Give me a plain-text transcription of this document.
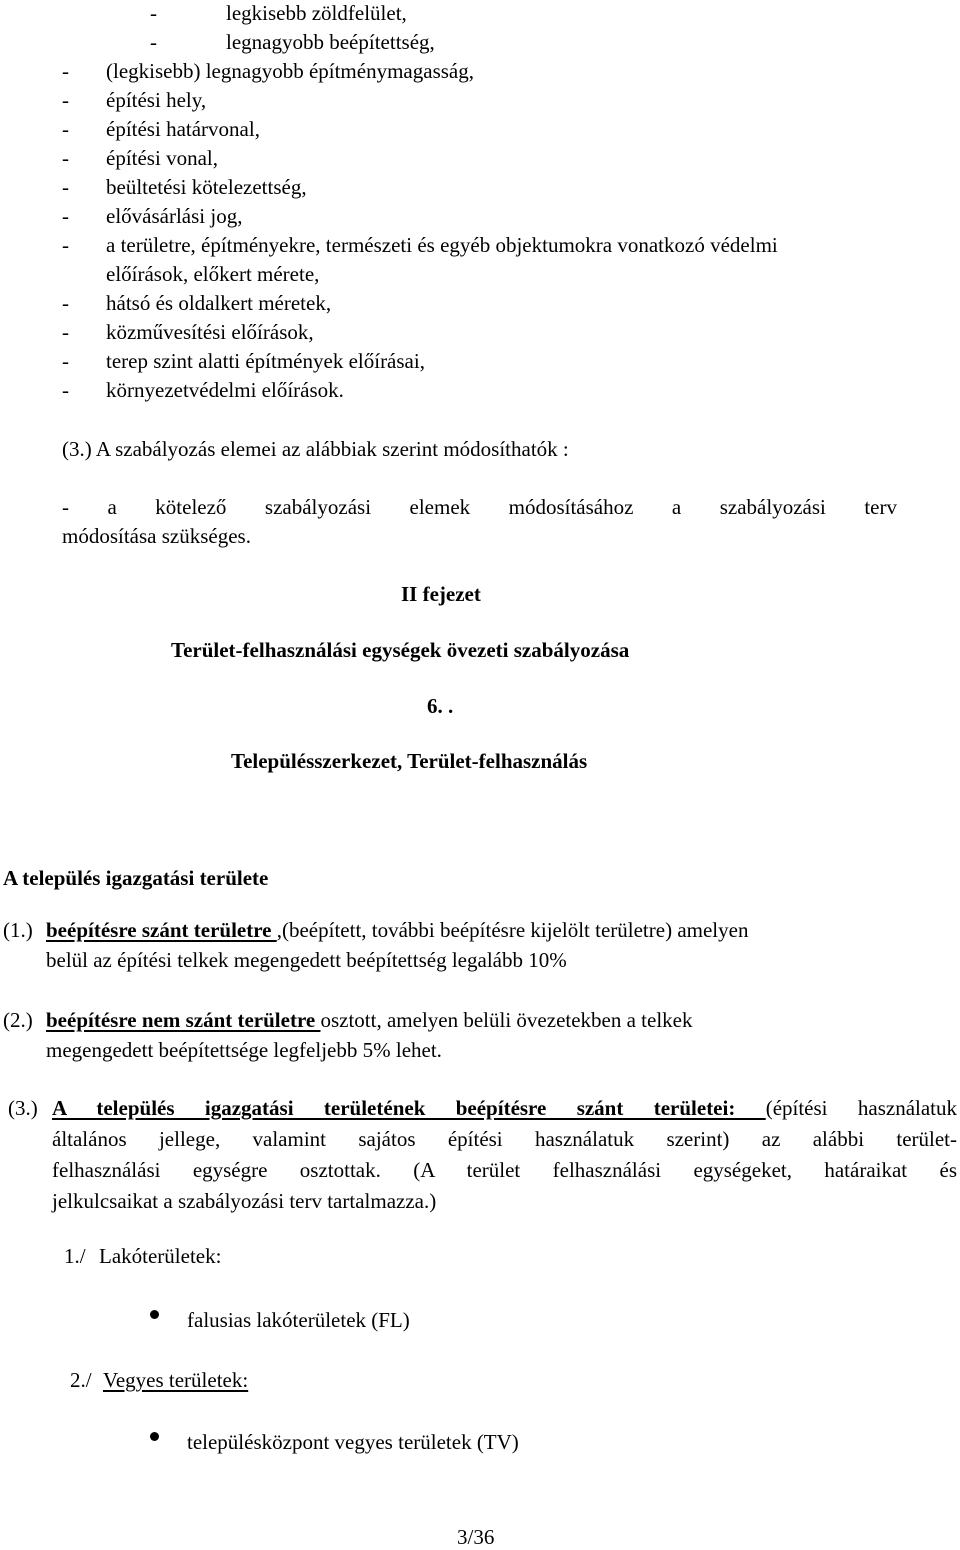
-	legkisebb zöldfelület,
-	legnagyobb beépítettség,
- (legkisebb) legnagyobb építménymagasság,
- építési hely,
- építési határvonal,
- építési vonal,
- beültetési kötelezettség,
- elővásárlási jog,
- a területre, építményekre, természeti és egyéb objektumokra vonatkozó védelmi
előírások, előkert mérete,
- hátsó és oldalkert méretek,
- közművesítési előírások,
- terep szint alatti építmények előírásai,
- környezetvédelmi előírások.
(3.) A szabályozás elemei az alábbiak szerint módosíthatók :
- a kötelező szabályozási elemek módosításához a szabályozási terv
módosítása szükséges.
II fejezet
Terület-felhasználási egységek övezeti szabályozása
6. .
Településszerkezet, Terület-felhasználás
A település igazgatási területe
(1.) beépítésre szánt területre ,(beépített, további beépítésre kijelölt területre) amelyen
belül az építési telkek megengedett beépítettség legalább 10%
(2.) beépítésre nem szánt területre osztott, amelyen belüli övezetekben a telkek
megengedett beépítettsége legfeljebb 5% lehet.
(3.) A település igazgatási területének beépítésre szánt területei: (építési használatuk
általános jellege, valamint sajátos építési használatuk szerint) az alábbi terület-
felhasználási egységre osztottak. (A terület felhasználási egységeket, határaikat és
jelkulcsaikat a szabályozási terv tartalmazza.)
1./ Lakóterületek:
falusias lakóterületek (FL)
2./ Vegyes területek:
településközpont vegyes területek (TV)
3/36
